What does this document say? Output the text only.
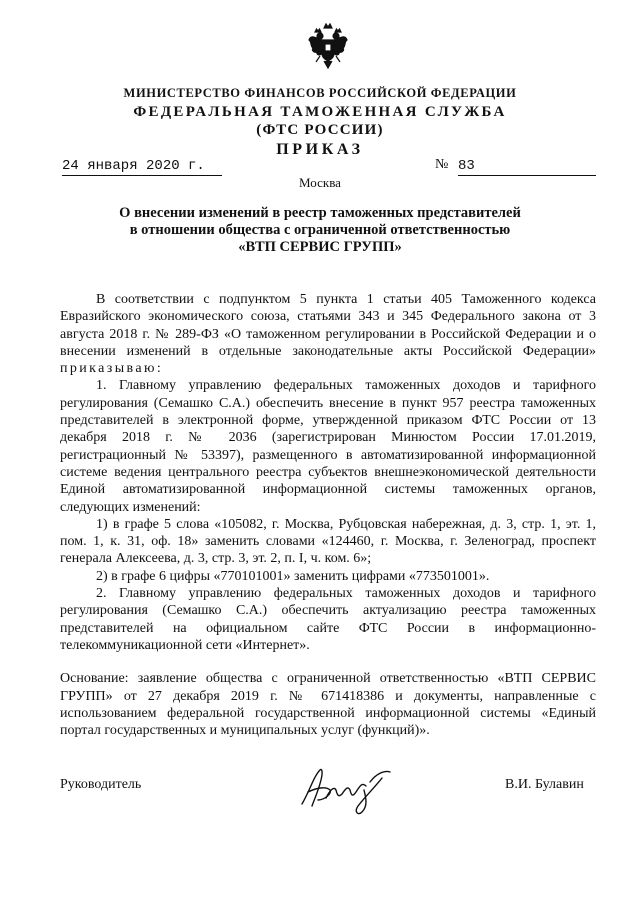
МИНИСТЕРСТВО ФИНАНСОВ РОССИЙСКОЙ ФЕДЕРАЦИИ
ФЕДЕРАЛЬНАЯ ТАМОЖЕННАЯ СЛУЖБА
(ФТС РОССИИ)
ПРИКАЗ
24 января 2020 г.	№ 83
Москва
О внесении изменений в реестр таможенных представителей
в отношении общества с ограниченной ответственностью
«ВТП СЕРВИС ГРУПП»

В соответствии с подпунктом 5 пункта 1 статьи 405 Таможенного кодекса Евразийского экономического союза, статьями 343 и 345 Федерального закона от 3 августа 2018 г. № 289-ФЗ «О таможенном регулировании в Российской Федерации и о внесении изменений в отдельные законодательные акты Российской Федерации» приказываю:

1. Главному управлению федеральных таможенных доходов и тарифного регулирования (Семашко С.А.) обеспечить внесение в пункт 957 реестра таможенных представителей в электронной форме, утвержденной приказом ФТС России от 13 декабря 2018 г. № 2036 (зарегистрирован Минюстом России 17.01.2019, регистрационный № 53397), размещенного в автоматизированной информационной системе ведения центрального реестра субъектов внешнеэкономической деятельности Единой автоматизированной информационной системы таможенных органов, следующих изменений:

1) в графе 5 слова «105082, г. Москва, Рубцовская набережная, д. 3, стр. 1, эт. 1, пом. 1, к. 31, оф. 18» заменить словами «124460, г. Москва, г. Зеленоград, проспект генерала Алексеева, д. 3, стр. 3, эт. 2, п. I, ч. ком. 6»;

2) в графе 6 цифры «770101001» заменить цифрами «773501001».

2. Главному управлению федеральных таможенных доходов и тарифного регулирования (Семашко С.А.) обеспечить актуализацию реестра таможенных представителей на официальном сайте ФТС России в информационно-телекоммуникационной сети «Интернет».

Основание: заявление общества с ограниченной ответственностью «ВТП СЕРВИС ГРУПП» от 27 декабря 2019 г. № 671418386 и документы, направленные с использованием федеральной государственной информационной системы «Единый портал государственных и муниципальных услуг (функций)».

Руководитель	В.И. Булавин
